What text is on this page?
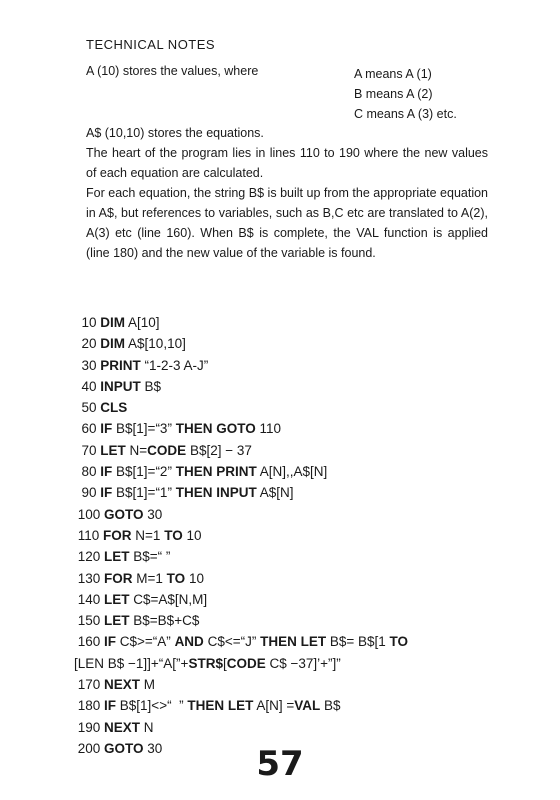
TECHNICAL NOTES
A (10) stores the values, where	A means A (1)
B means A (2)
C means A (3) etc.
A$ (10,10) stores the equations.
The heart of the program lies in lines 110 to 190 where the new values of each equation are calculated.
For each equation, the string B$ is built up from the appropriate equation in A$, but references to variables, such as B,C etc are translated to A(2), A(3) etc (line 160). When B$ is complete, the VAL function is applied (line 180) and the new value of the variable is found.
10 DIM A[10]
20 DIM A$[10,10]
30 PRINT “1-2-3 A-J”
40 INPUT B$
50 CLS
60 IF B$[1]=“3” THEN GOTO 110
70 LET N=CODE B$[2] − 37
80 IF B$[1]=“2” THEN PRINT A[N],,A$[N]
90 IF B$[1]=“1” THEN INPUT A$[N]
100 GOTO 30
110 FOR N=1 TO 10
120 LET B$=“ ”
130 FOR M=1 TO 10
140 LET C$=A$[N,M]
150 LET B$=B$+C$
160 IF C$>=“A” AND C$<=“J” THEN LET B$= B$[1 TO
[LEN B$ −1]]+“A[”+STR$[CODE C$ −37]’+”]”
170 NEXT M
180 IF B$[1]<>“  ” THEN LET A[N] =VAL B$
190 NEXT N
200 GOTO 30	57
